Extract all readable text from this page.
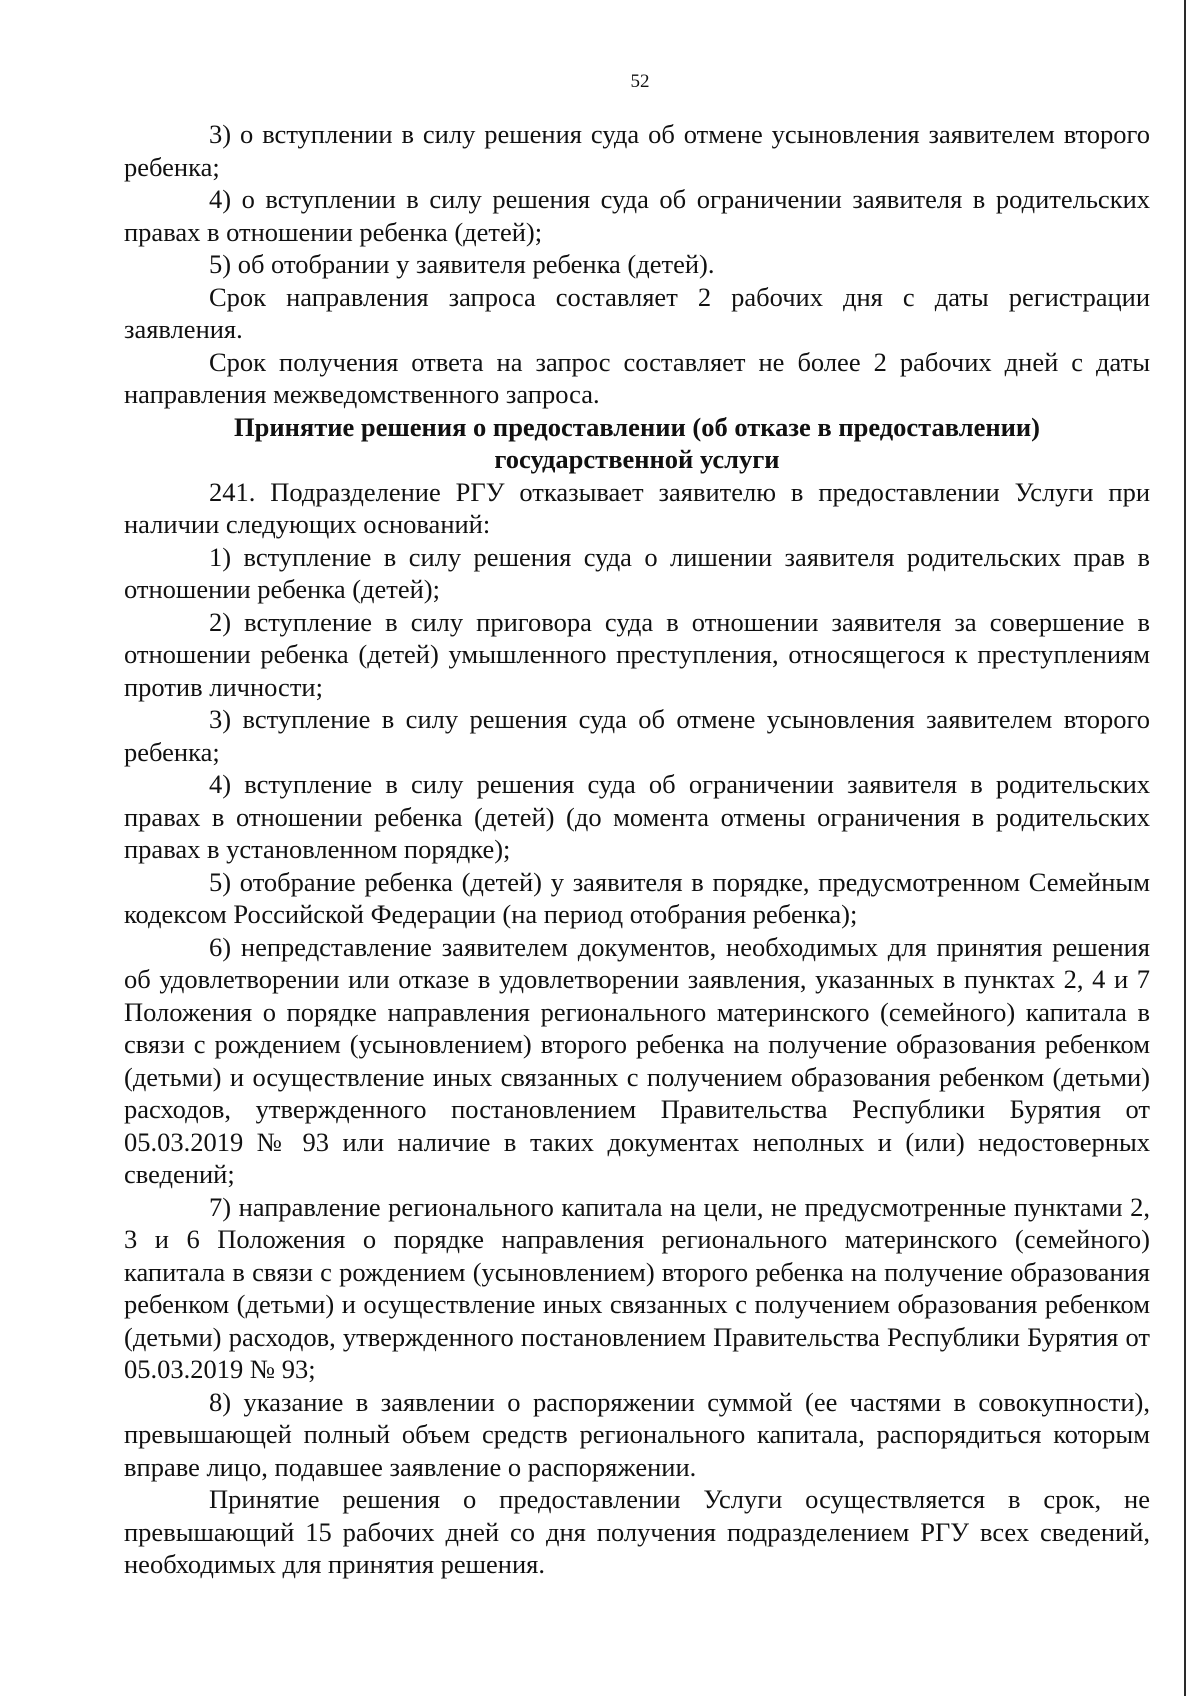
52

3) о вступлении в силу решения суда об отмене усыновления заявителем второго ребенка;

4) о вступлении в силу решения суда об ограничении заявителя в родительских правах в отношении ребенка (детей);

5) об отобрании у заявителя ребенка (детей).

Срок направления запроса составляет 2 рабочих дня с даты регистрации заявления.

Срок получения ответа на запрос составляет не более 2 рабочих дней с даты направления межведомственного запроса.

Принятие решения о предоставлении (об отказе в предоставлении) государственной услуги

241. Подразделение РГУ отказывает заявителю в предоставлении Услуги при наличии следующих оснований:

1) вступление в силу решения суда о лишении заявителя родительских прав в отношении ребенка (детей);

2) вступление в силу приговора суда в отношении заявителя за совершение в отношении ребенка (детей) умышленного преступления, относящегося к преступлениям против личности;

3) вступление в силу решения суда об отмене усыновления заявителем второго ребенка;

4) вступление в силу решения суда об ограничении заявителя в родительских правах в отношении ребенка (детей) (до момента отмены ограничения в родительских правах в установленном порядке);

5) отобрание ребенка (детей) у заявителя в порядке, предусмотренном Семейным кодексом Российской Федерации (на период отобрания ребенка);

6) непредставление заявителем документов, необходимых для принятия решения об удовлетворении или отказе в удовлетворении заявления, указанных в пунктах 2, 4 и 7 Положения о порядке направления регионального материнского (семейного) капитала в связи с рождением (усыновлением) второго ребенка на получение образования ребенком (детьми) и осуществление иных связанных с получением образования ребенком (детьми) расходов, утвержденного постановлением Правительства Республики Бурятия от 05.03.2019 № 93 или наличие в таких документах неполных и (или) недостоверных сведений;

7) направление регионального капитала на цели, не предусмотренные пунктами 2, 3 и 6 Положения о порядке направления регионального материнского (семейного) капитала в связи с рождением (усыновлением) второго ребенка на получение образования ребенком (детьми) и осуществление иных связанных с получением образования ребенком (детьми) расходов, утвержденного постановлением Правительства Республики Бурятия от 05.03.2019 № 93;

8) указание в заявлении о распоряжении суммой (ее частями в совокупности), превышающей полный объем средств регионального капитала, распорядиться которым вправе лицо, подавшее заявление о распоряжении.

Принятие решения о предоставлении Услуги осуществляется в срок, не превышающий 15 рабочих дней со дня получения подразделением РГУ всех сведений, необходимых для принятия решения.
